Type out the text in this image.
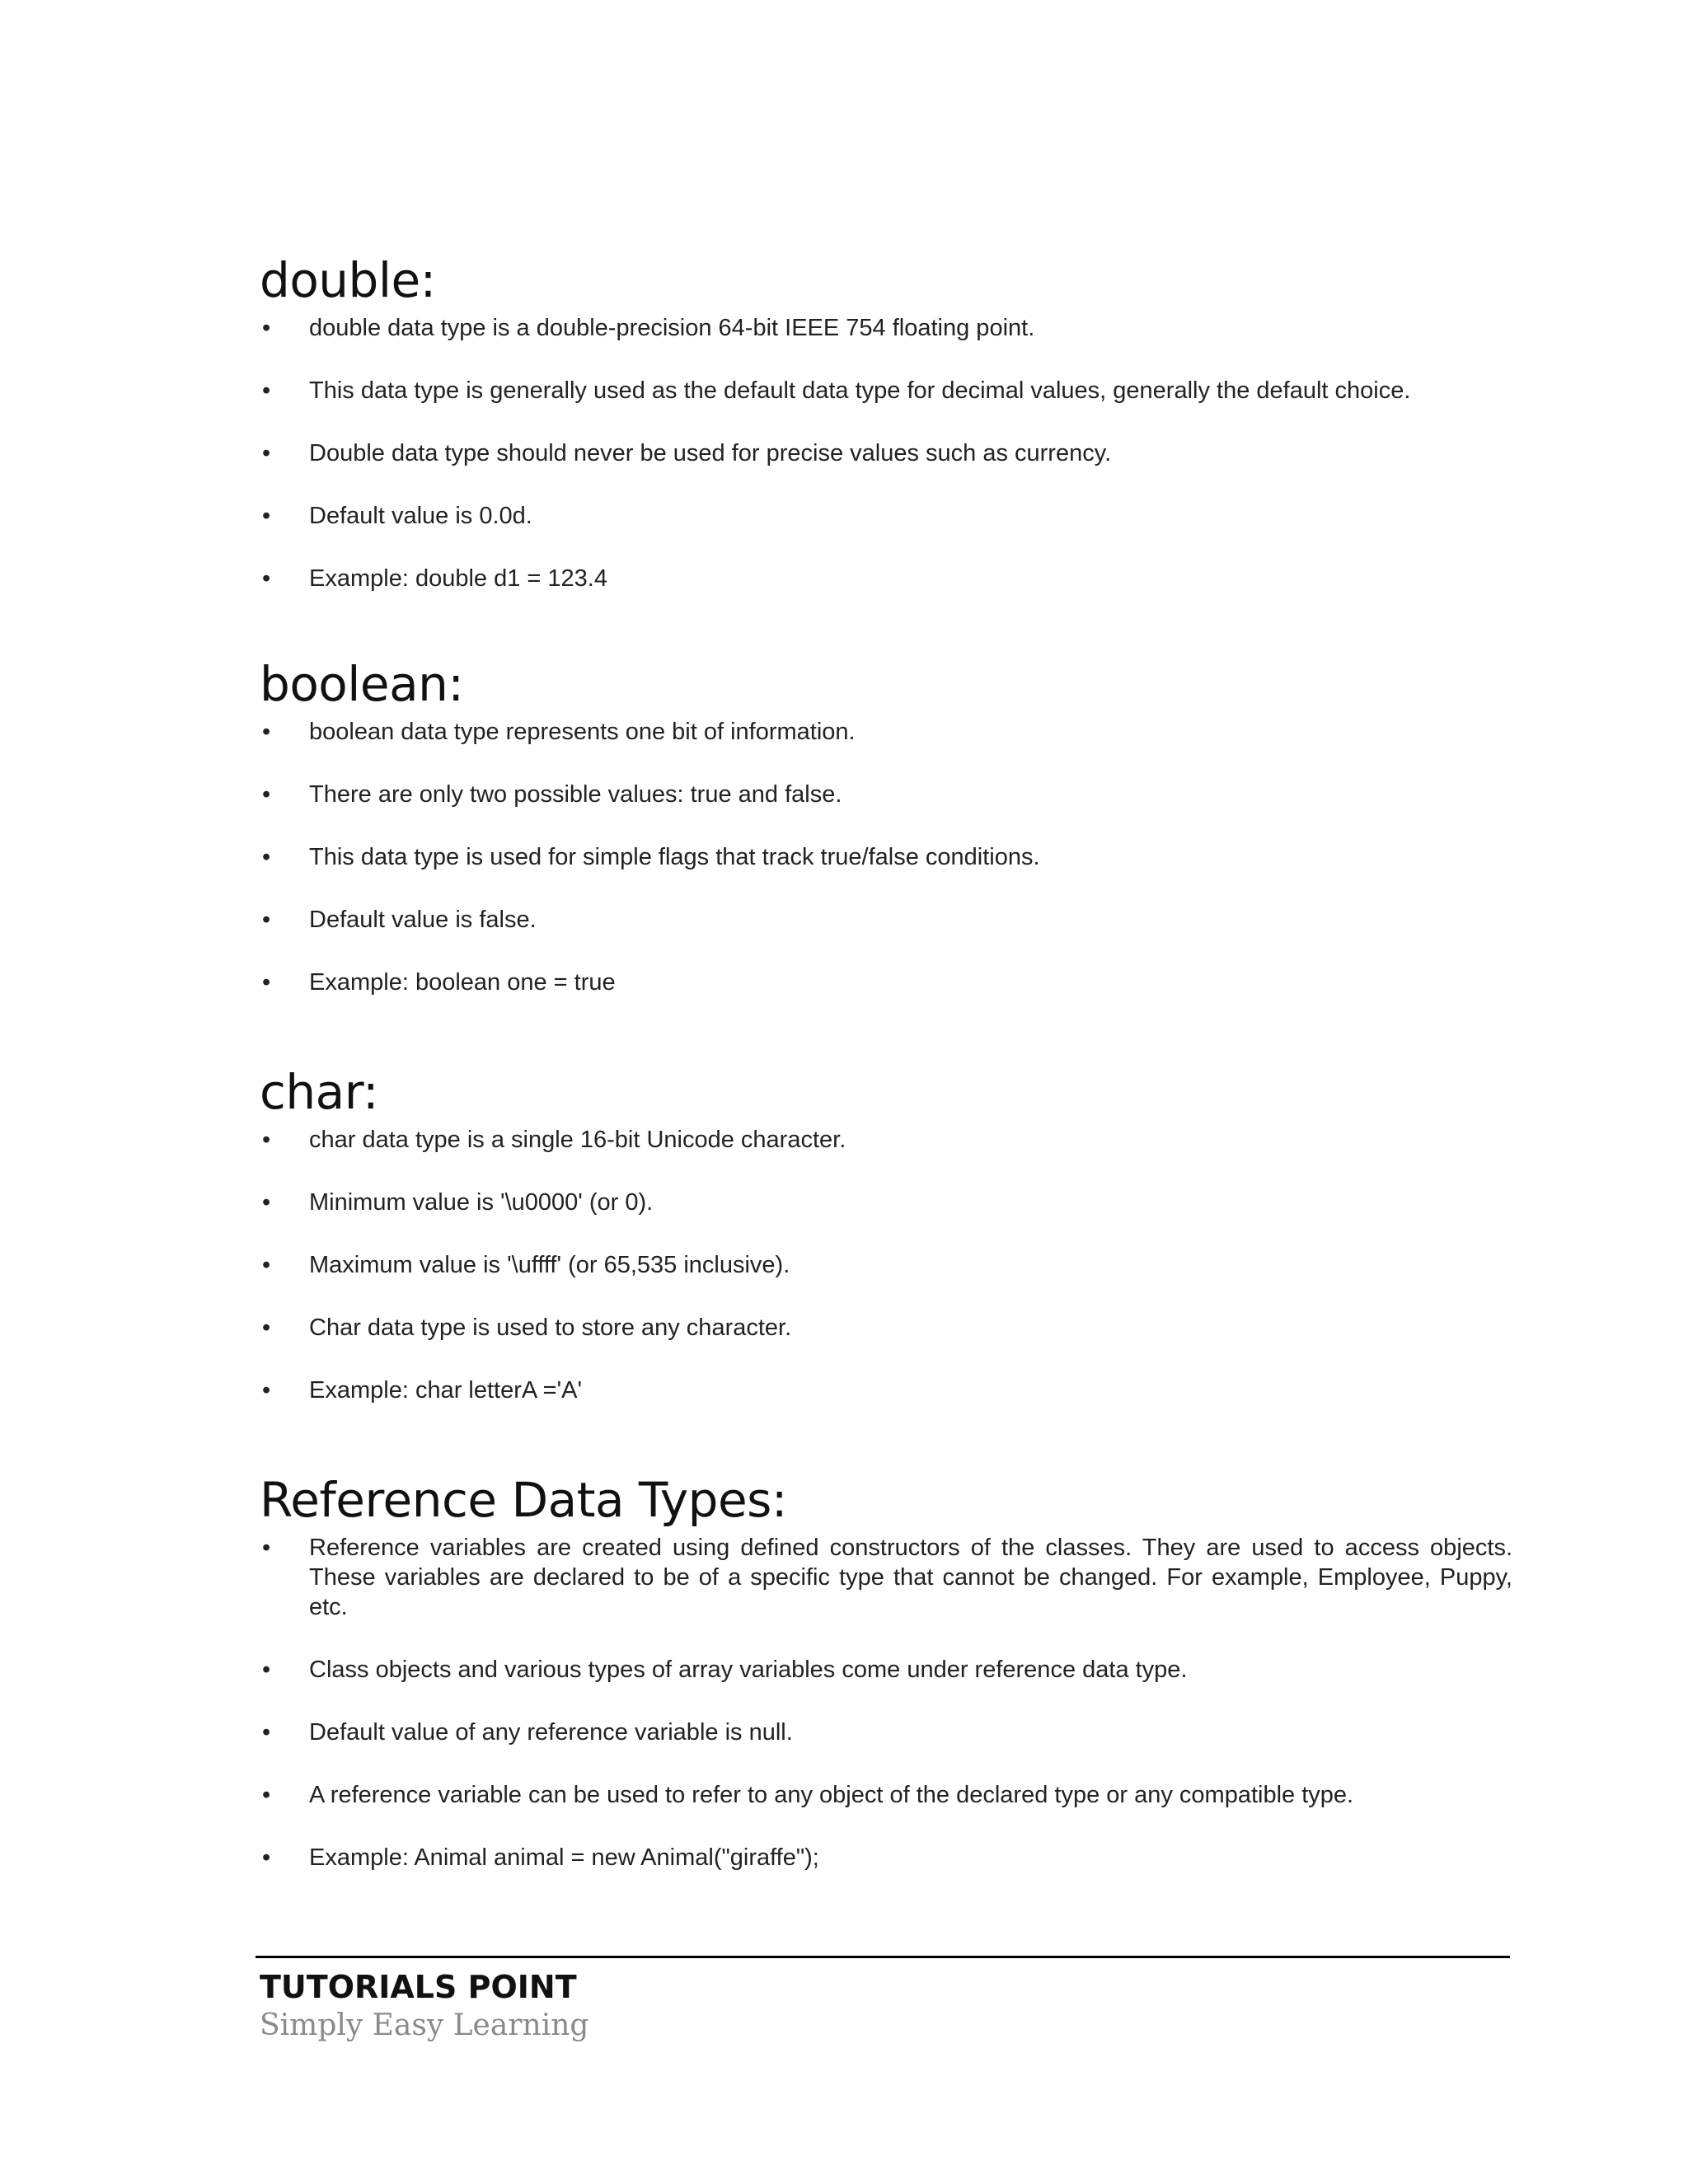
double:
• double data type is a double-precision 64-bit IEEE 754 floating point.
• This data type is generally used as the default data type for decimal values, generally the default choice.
• Double data type should never be used for precise values such as currency.
• Default value is 0.0d.
• Example: double d1 = 123.4
boolean:
• boolean data type represents one bit of information.
• There are only two possible values: true and false.
• This data type is used for simple flags that track true/false conditions.
• Default value is false.
• Example: boolean one = true
char:
• char data type is a single 16-bit Unicode character.
• Minimum value is '\u0000' (or 0).
• Maximum value is '\uffff' (or 65,535 inclusive).
• Char data type is used to store any character.
• Example: char letterA ='A'
Reference Data Types:
• Reference variables are created using defined constructors of the classes. They are used to access objects. These variables are declared to be of a specific type that cannot be changed. For example, Employee, Puppy, etc.
• Class objects and various types of array variables come under reference data type.
• Default value of any reference variable is null.
• A reference variable can be used to refer to any object of the declared type or any compatible type.
• Example: Animal animal = new Animal("giraffe");
TUTORIALS POINT
Simply Easy Learning
